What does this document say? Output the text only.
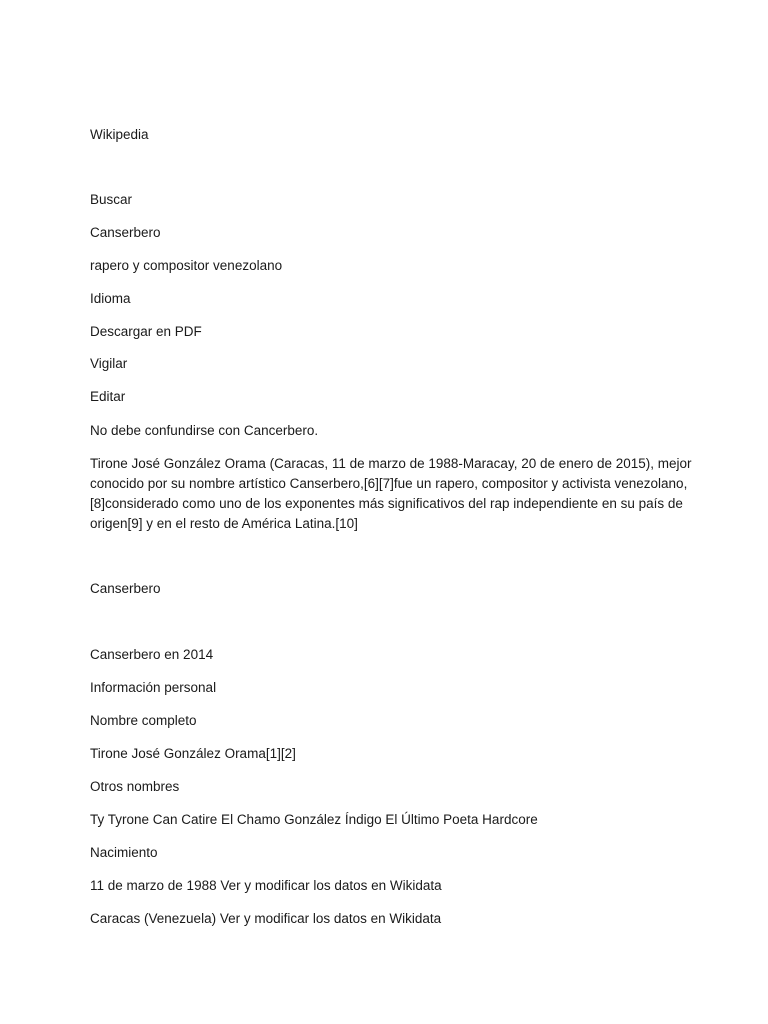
Wikipedia
Buscar
Canserbero
rapero y compositor venezolano
Idioma
Descargar en PDF
Vigilar
Editar
No debe confundirse con Cancerbero.
Tirone José González Orama (Caracas, 11 de marzo de 1988-Maracay, 20 de enero de 2015), mejor
conocido por su nombre artístico Canserbero,[6][7]fue un rapero, compositor y activista venezolano,
[8]considerado como uno de los exponentes más significativos del rap independiente en su país de
origen[9] y en el resto de América Latina.[10]
Canserbero
Canserbero en 2014
Información personal
Nombre completo
Tirone José González Orama[1][2]
Otros nombres
Ty Tyrone Can Catire El Chamo González Índigo El Último Poeta Hardcore
Nacimiento
11 de marzo de 1988 Ver y modificar los datos en Wikidata
Caracas (Venezuela) Ver y modificar los datos en Wikidata
